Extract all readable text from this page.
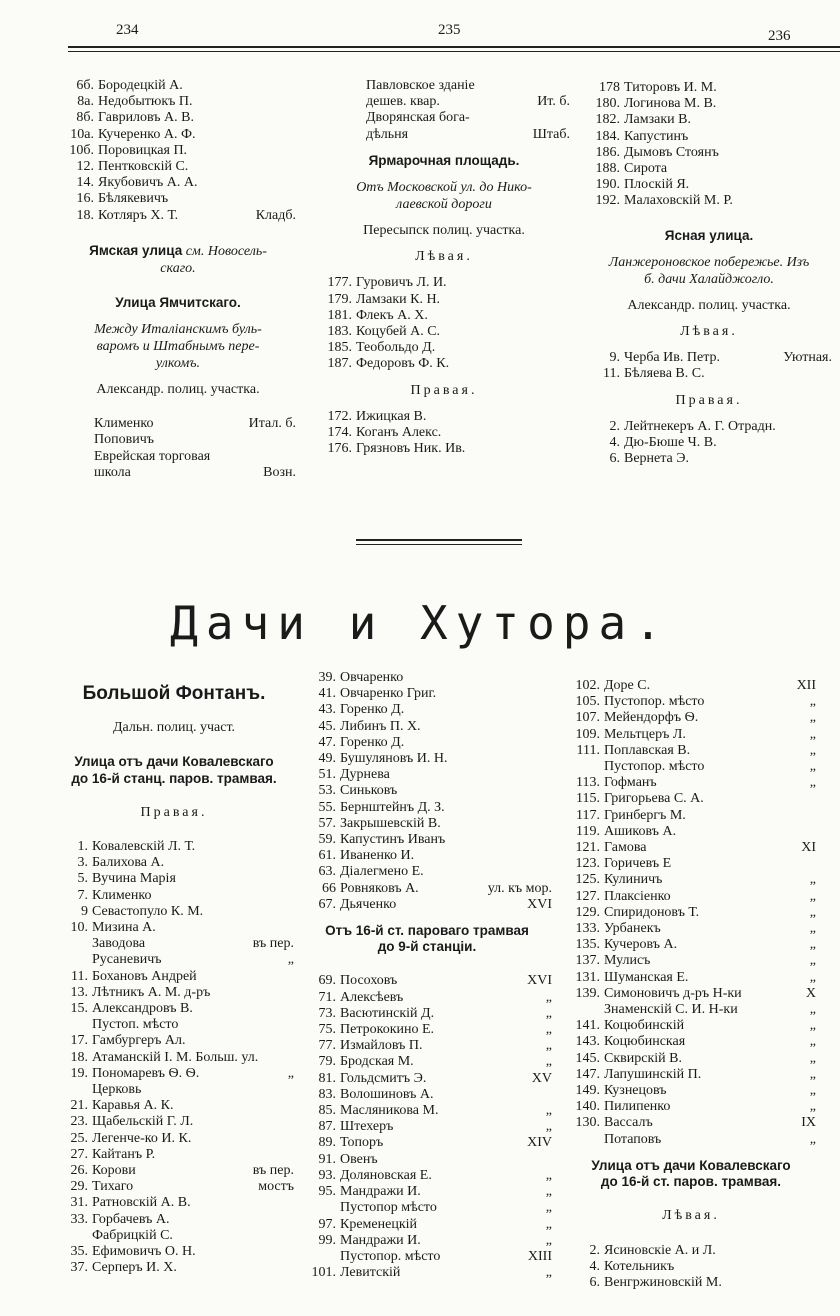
234	235	236
6б. Бородецкій А.
8а. Недобытюкъ П.
8б. Гавриловъ А. В.
10а. Кучеренко А. Ф.
10б. Поровицкая П.
12. Пентковскій С.
14. Якубовичъ А. А.
16. Бѣлякевичъ
18. Котляръ Х. Т.	Кладб.
Ямская улица см. Новосель-
скаго.
Улица Ямчитскаго.
Между Италіанскимъ буль-
варомъ и Штабнымъ пере-
улкомъ.
Александр. полиц. участка.
Клименко	Итал. б.
Поповичъ
Еврейская торговая
школа	Возн.
Павловское зданіе
дешев. квар.	Ит. б.
Дворянская богa-
дѣльня	Штаб.
Ярмарочная площадь.
Отъ Московской ул. до Нико-
лаевской дороги
Пересыпск полиц. участка.
Лѣвая.
177. Гуровичъ Л. И.
179. Ламзаки К. Н.
181. Флекъ А. Х.
183. Коцубей А. С.
185. Теобольдо Д.
187. Федоровъ Ф. К.
Правая.
172. Ижицкая В.
174. Коганъ Алекс.
176. Грязновъ Ник. Ив.
178 Титоровъ И. М.
180. Логинова М. В.
182. Ламзаки В.
184. Капустинъ
186. Дымовъ Стоянъ
188. Сирота
190. Плоскій Я.
192. Малаховскій М. Р.
Ясная улица.
Ланжероновское побережье. Изъ
б. дачи Халайджогло.
Александр. полиц. участка.
Лѣвая.
9. Черба Ив. Петр.	Уютная.
11. Бѣляева В. С.
Правая.
2. Лейтнекеръ А. Г. Отрадн.
4. Дю-Бюше Ч. В.
6. Вернета Э.
Дачи и Хутора.
Большой Фонтанъ.
Дальн. полиц. участ.
Улица отъ дачи Ковалевскаго
до 16-й станц. паров. трамвая.
Правая.
1. Ковалевскій Л. Т.
3. Балихова А.
5. Вучина Марія
7. Клименко
9 Севастопуло К. М.
10. Мизина А.
Заводова	въ пер.
Русаневичъ	„
11. Бохановъ Андрей
13. Лѣтникъ А. М. д-ръ
15. Александровъ В.
Пустоп. мѣсто
17. Гамбургеръ Ал.
18. Атаманскій I. М. Больш. ул.
19. Пономаревъ Ѳ. Ѳ.	„
Церковь
21. Каравья А. К.
23. Щабельскій Г. Л.
25. Легенче-ко И. К.
27. Кайтанъ Р.
26. Корови	въ пер.
29. Тихаго	мостъ
31. Ратновскій А. В.
33. Горбачевъ А.
Фабрицкій С.
35. Ефимовичъ О. Н.
37. Серперъ И. Х.
39. Овчаренко
41. Овчаренко Григ.
43. Горенко Д.
45. Либинъ П. Х.
47. Горенко Д.
49. Бушуляновъ И. Н.
51. Дурнева
53. Синьковъ
55. Бернштейнъ Д. З.
57. Закрышевскій В.
59. Капустинъ Иванъ
61. Иваненко И.
63. Діалегмено Е.
66 Ровняковъ А.	ул. къ мор.
67. Дьяченко	XVI
Отъ 16-й ст. пароваго трамвая
до 9-й станціи.
69. Посоховъ	XVI
71. Алексѣевъ	„
73. Васютинскій Д.	„
75. Петрококино Е.	„
77. Измайловъ П.	„
79. Бродская М.	„
81. Гольдсмитъ Э.	XV
83. Волошиновъ А.
85. Масляникова М.	„
87. Штехеръ	„
89. Топоръ	XIV
91. Овенъ
93. Доляновская Е.	„
95. Мандражи И.	„
Пустопор мѣсто	„
97. Кременецкій	„
99. Мандрaжи И.	„
Пустопор. мѣсто	XIII
101. Левитскій	„
102. Доре С.	XII
105. Пустопор. мѣсто	„
107. Мейендорфъ Ѳ.	„
109. Мельтцеръ Л.	„
111. Поплавская В.	„
Пустопор. мѣсто	„
113. Гофманъ	„
115. Григорьева С. А.
117. Гринбергъ М.
119. Ашиковъ А.
121. Гамова	XI
123. Горичевъ Е
125. Кулиничъ	„
127. Плаксіенко	„
129. Спиридоновъ Т.	„
133. Урбанекъ	„
135. Кучеровъ А.	„
137. Мулисъ	„
131. Шуманская Е.	„
139. Симоновичъ д-ръ Н-ки	X
Знаменскій С. И. Н-ки	„
141. Коцюбинскій	„
143. Коцюбинская	„
145. Сквирскій В.	„
147. Лапушинскій П.	„
149. Кузнецовъ	„
140. Пилипенко	„
130. Вассалъ	IX
Потаповъ	„
Улица отъ дачи Ковалевскаго
до 16-й ст. паров. трамвая.
Лѣвая.
2. Ясиновскіе А. и Л.
4. Котельникъ
6. Венгржиновскій М.
